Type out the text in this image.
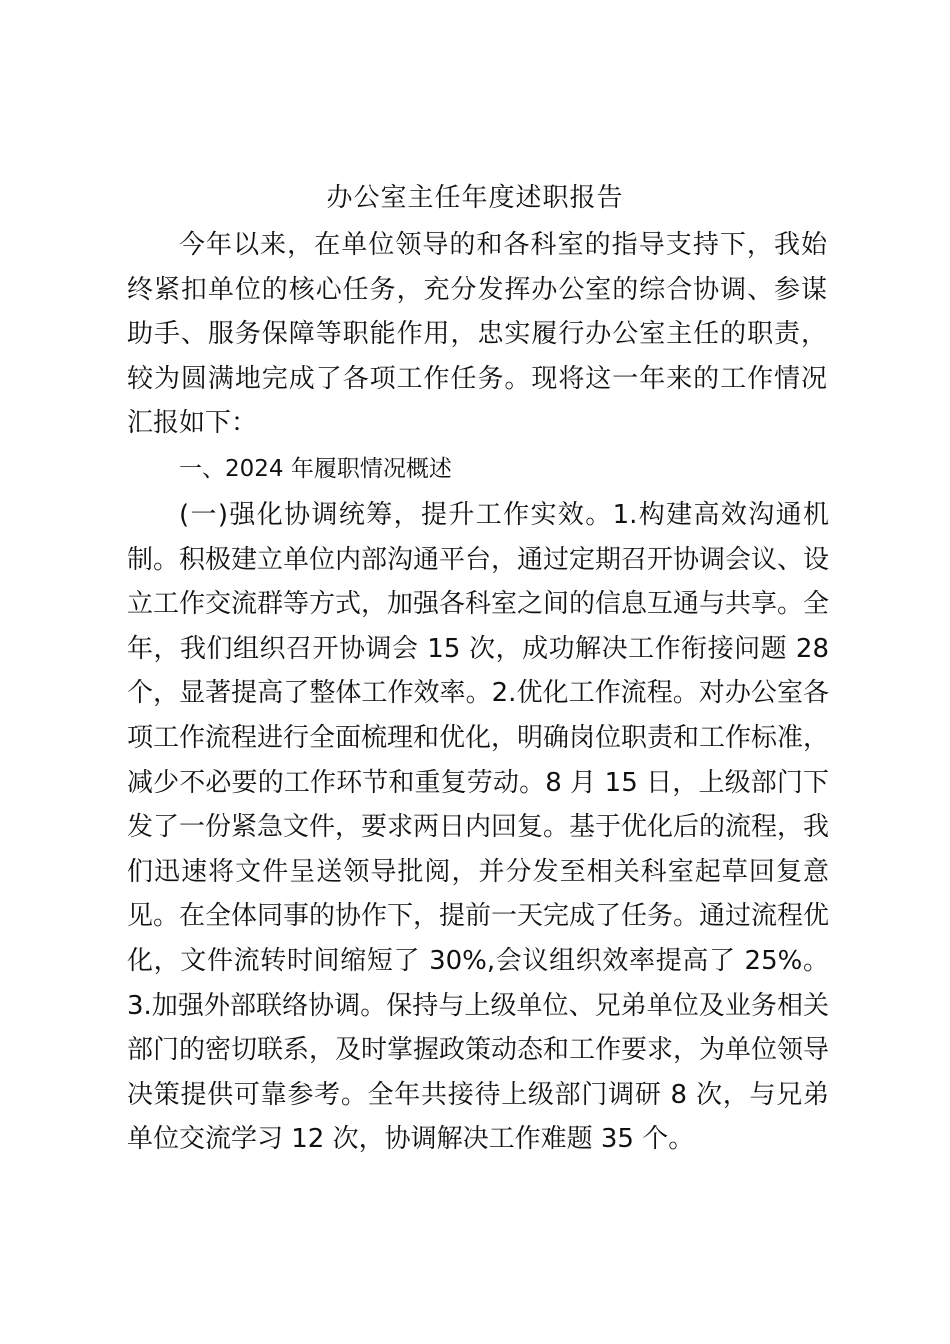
办公室主任年度述职报告

今年以来，在单位领导的和各科室的指导支持下，我始终紧扣单位的核心任务，充分发挥办公室的综合协调、参谋助手、服务保障等职能作用，忠实履行办公室主任的职责，较为圆满地完成了各项工作任务。现将这一年来的工作情况汇报如下：

一、2024 年履职情况概述

(一)强化协调统筹，提升工作实效。1.构建高效沟通机制。积极建立单位内部沟通平台，通过定期召开协调会议、设立工作交流群等方式，加强各科室之间的信息互通与共享。全年，我们组织召开协调会 15 次，成功解决工作衔接问题 28 个，显著提高了整体工作效率。2.优化工作流程。对办公室各项工作流程进行全面梳理和优化，明确岗位职责和工作标准，减少不必要的工作环节和重复劳动。8 月 15 日，上级部门下发了一份紧急文件，要求两日内回复。基于优化后的流程，我们迅速将文件呈送领导批阅，并分发至相关科室起草回复意见。在全体同事的协作下，提前一天完成了任务。通过流程优化，文件流转时间缩短了 30%,会议组织效率提高了 25%。3.加强外部联络协调。保持与上级单位、兄弟单位及业务相关部门的密切联系，及时掌握政策动态和工作要求，为单位领导决策提供可靠参考。全年共接待上级部门调研 8 次，与兄弟单位交流学习 12 次，协调解决工作难题 35 个。
